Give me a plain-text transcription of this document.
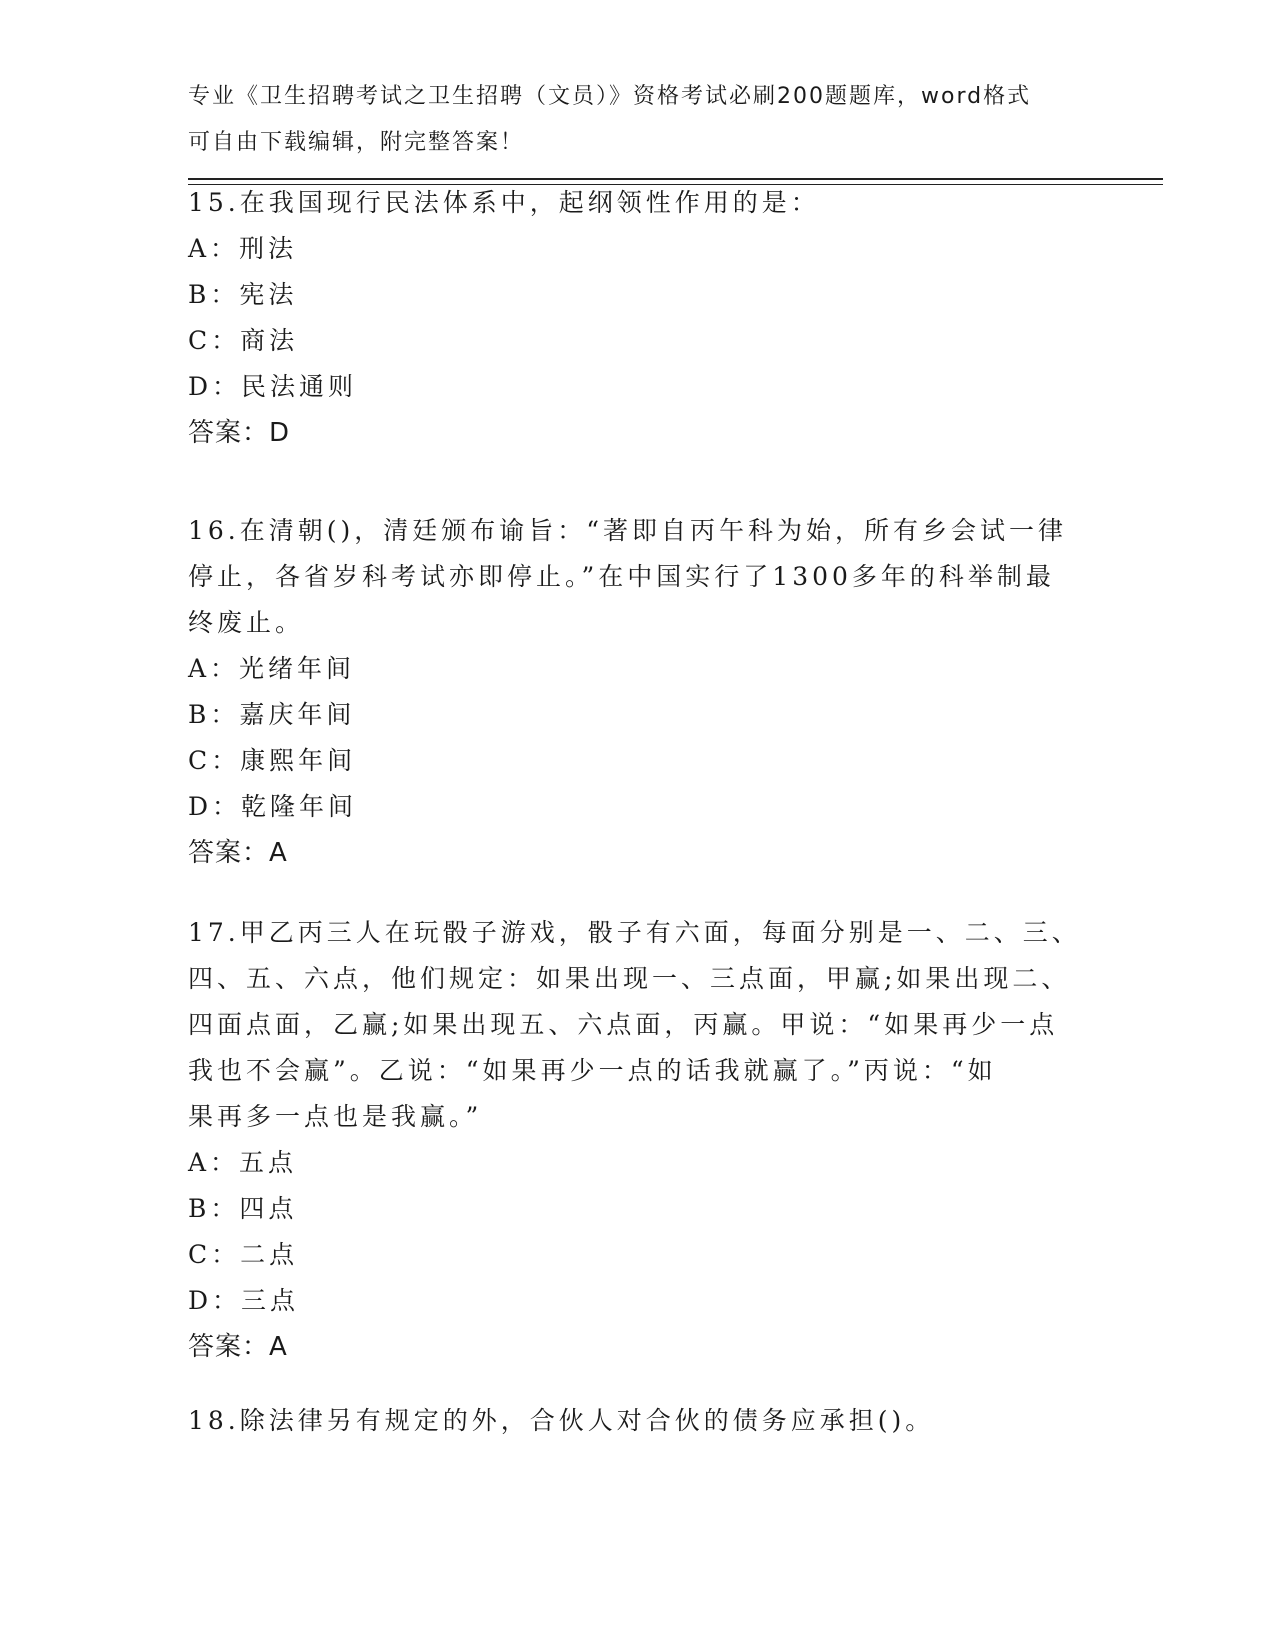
专业《卫生招聘考试之卫生招聘（文员）》资格考试必刷200题题库，word格式
可自由下载编辑，附完整答案！
15.在我国现行民法体系中，起纲领性作用的是：
A：刑法
B：宪法
C：商法
D：民法通则
答案：D
16.在清朝()，清廷颁布谕旨：“著即自丙午科为始，所有乡会试一律
停止，各省岁科考试亦即停止。”在中国实行了1300多年的科举制最
终废止。
A：光绪年间
B：嘉庆年间
C：康熙年间
D：乾隆年间
答案：A
17.甲乙丙三人在玩骰子游戏，骰子有六面，每面分别是一、二、三、
四、五、六点，他们规定：如果出现一、三点面，甲赢;如果出现二、
四面点面，乙赢;如果出现五、六点面，丙赢。甲说：“如果再少一点
我也不会赢”。乙说：“如果再少一点的话我就赢了。”丙说：“如
果再多一点也是我赢。”
A：五点
B：四点
C：二点
D：三点
答案：A
18.除法律另有规定的外，合伙人对合伙的债务应承担()。
